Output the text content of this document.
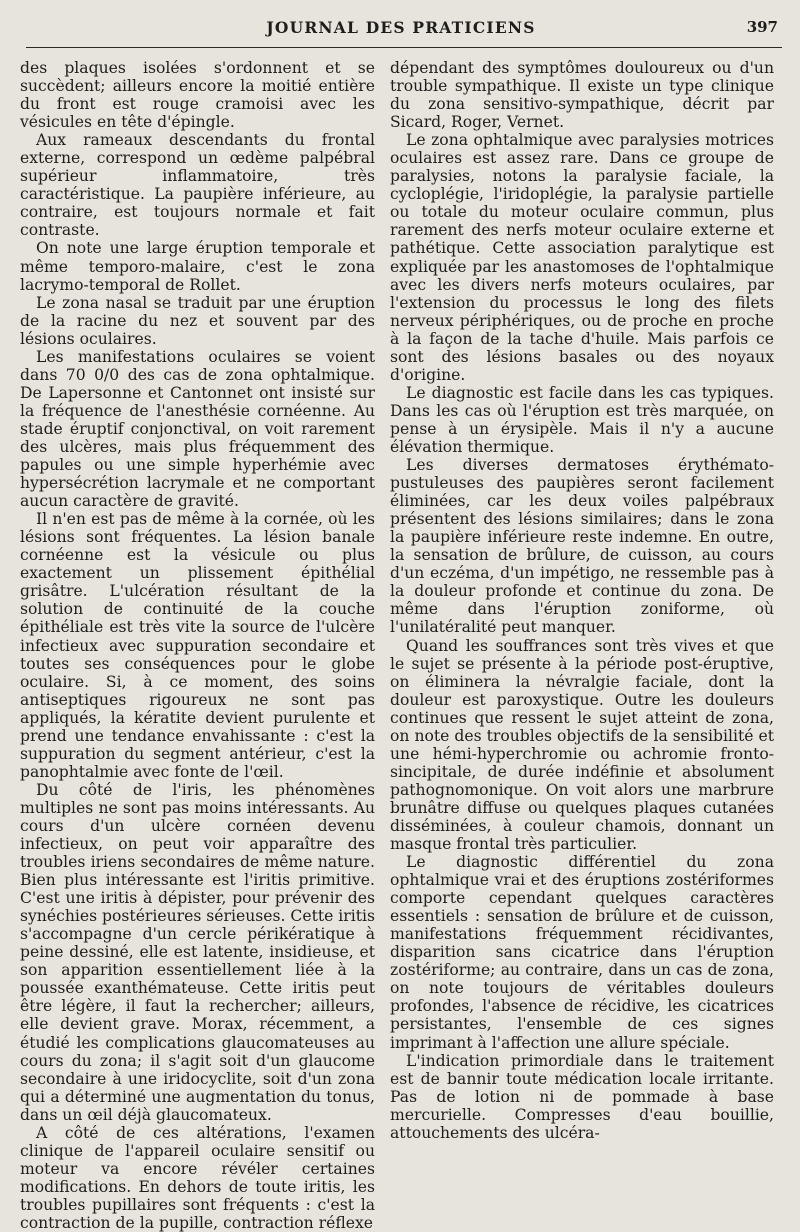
JOURNAL DES PRATICIENS	397

des plaques isolées s'ordonnent et se succèdent; ailleurs encore la moitié entière du front est rouge cramoisi avec les vésicules en tête d'épingle.

Aux rameaux descendants du frontal externe, correspond un œdème palpébral supérieur inflammatoire, très caractéristique. La paupière inférieure, au contraire, est toujours normale et fait contraste.

On note une large éruption temporale et même temporo-malaire, c'est le zona lacrymo-temporal de Rollet.

Le zona nasal se traduit par une éruption de la racine du nez et souvent par des lésions oculaires.

Les manifestations oculaires se voient dans 70 0/0 des cas de zona ophtalmique. De Lapersonne et Cantonnet ont insisté sur la fréquence de l'anesthésie cornéenne. Au stade éruptif conjonctival, on voit rarement des ulcères, mais plus fréquemment des papules ou une simple hyperhémie avec hypersécrétion lacrymale et ne comportant aucun caractère de gravité.

Il n'en est pas de même à la cornée, où les lésions sont fréquentes. La lésion banale cornéenne est la vésicule ou plus exactement un plissement épithélial grisâtre. L'ulcération résultant de la solution de continuité de la couche épithéliale est très vite la source de l'ulcère infectieux avec suppuration secondaire et toutes ses conséquences pour le globe oculaire. Si, à ce moment, des soins antiseptiques rigoureux ne sont pas appliqués, la kératite devient purulente et prend une tendance envahissante : c'est la suppuration du segment antérieur, c'est la panophtalmie avec fonte de l'œil.

Du côté de l'iris, les phénomènes multiples ne sont pas moins intéressants. Au cours d'un ulcère cornéen devenu infectieux, on peut voir apparaître des troubles iriens secondaires de même nature. Bien plus intéressante est l'iritis primitive. C'est une iritis à dépister, pour prévenir des synéchies postérieures sérieuses. Cette iritis s'accompagne d'un cercle périkératique à peine dessiné, elle est latente, insidieuse, et son apparition essentiellement liée à la poussée exanthémateuse. Cette iritis peut être légère, il faut la rechercher; ailleurs, elle devient grave. Morax, récemment, a étudié les complications glaucomateuses au cours du zona; il s'agit soit d'un glaucome secondaire à une iridocyclite, soit d'un zona qui a déterminé une augmentation du tonus, dans un œil déjà glaucomateux.

A côté de ces altérations, l'examen clinique de l'appareil oculaire sensitif ou moteur va encore révéler certaines modifications. En dehors de toute iritis, les troubles pupillaires sont fréquents : c'est la contraction de la pupille, contraction réflexe

dépendant des symptômes douloureux ou d'un trouble sympathique. Il existe un type clinique du zona sensitivo-sympathique, décrit par Sicard, Roger, Vernet.

Le zona ophtalmique avec paralysies motrices oculaires est assez rare. Dans ce groupe de paralysies, notons la paralysie faciale, la cycloplégie, l'iridoplégie, la paralysie partielle ou totale du moteur oculaire commun, plus rarement des nerfs moteur oculaire externe et pathétique. Cette association paralytique est expliquée par les anastomoses de l'ophtalmique avec les divers nerfs moteurs oculaires, par l'extension du processus le long des filets nerveux périphériques, ou de proche en proche à la façon de la tache d'huile. Mais parfois ce sont des lésions basales ou des noyaux d'origine.

Le diagnostic est facile dans les cas typiques. Dans les cas où l'éruption est très marquée, on pense à un érysipèle. Mais il n'y a aucune élévation thermique.

Les diverses dermatoses érythémato-pustuleuses des paupières seront facilement éliminées, car les deux voiles palpébraux présentent des lésions similaires; dans le zona la paupière inférieure reste indemne. En outre, la sensation de brûlure, de cuisson, au cours d'un eczéma, d'un impétigo, ne ressemble pas à la douleur profonde et continue du zona. De même dans l'éruption zoniforme, où l'unilatéralité peut manquer.

Quand les souffrances sont très vives et que le sujet se présente à la période post-éruptive, on éliminera la névralgie faciale, dont la douleur est paroxystique. Outre les douleurs continues que ressent le sujet atteint de zona, on note des troubles objectifs de la sensibilité et une hémi-hyperchromie ou achromie fronto-sincipitale, de durée indéfinie et absolument pathognomonique. On voit alors une marbrure brunâtre diffuse ou quelques plaques cutanées disséminées, à couleur chamois, donnant un masque frontal très particulier.

Le diagnostic différentiel du zona ophtalmique vrai et des éruptions zostériformes comporte cependant quelques caractères essentiels : sensation de brûlure et de cuisson, manifestations fréquemment récidivantes, disparition sans cicatrice dans l'éruption zostériforme; au contraire, dans un cas de zona, on note toujours de véritables douleurs profondes, l'absence de récidive, les cicatrices persistantes, l'ensemble de ces signes imprimant à l'affection une allure spéciale.

L'indication primordiale dans le traitement est de bannir toute médication locale irritante. Pas de lotion ni de pommade à base mercurielle. Compresses d'eau bouillie, attouchements des ulcéra-
